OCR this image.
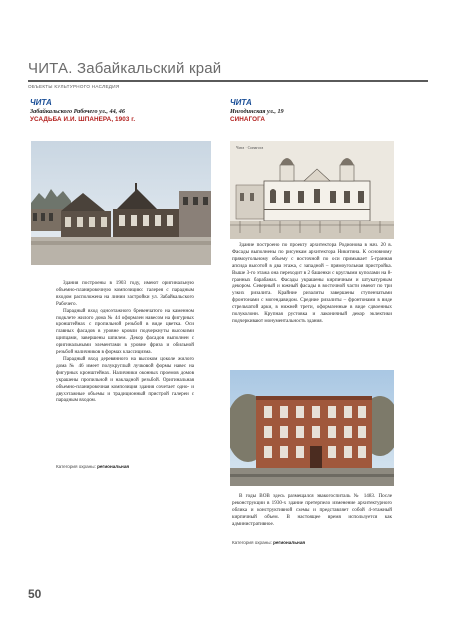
ЧИТА. Забайкальский край
ОБЪЕКТЫ КУЛЬТУРНОГО НАСЛЕДИЯ
ЧИТА
Забайкальского Рабочего ул., 44, 46
УСАДЬБА И.И. ШПАНЕРА, 1903 г.

Здания построены в 1903 году, имеют оригинальную объемно-планировочную композицию: галерея с парадным входом расположена на линии застройки ул. Забайкальского Рабочего.

Парадный вход одноэтажного бревенчатого на каменном подклете жилого дома № 44 оформлен навесом на фигурных кронштейнах с пропильной резьбой в виде цветка. Оси главных фасадов в уровне кровли подчеркнуты высокими щипцами, завершены шпилем. Декор фасадов выполнен с оригинальными элементами в уровне фриза и обильной резьбой наличников в формах классицизма.

Парадный вход деревянного на высоком цоколе жилого дома № 46 имеет полукруглый лучковой формы навес на фигурных кронштейнах. Наличники оконных проемов домов украшены пропильной и накладной резьбой. Оригинальная объемно-планировочная композиция здания сочетает одно- и двухэтажные объемы и традиционный пристрой галереи с парадным входом.

Категория охраны: региональная
ЧИТА
Ингодинская ул., 19
СИНАГОГА
Чита · Синагога

Здание построено по проекту архитектора Родионова в нач. 20 в. Фасады выполнены по рисункам архитектора Никитина. К основному прямоугольному объему с восточной по оси примыкает 5-гранная апсида высотой в два этажа, с западной – прямоугольная пристройка. Выше 3-го этажа она переходит в 2 башенки с круглыми куполами на 8-гранных барабанах. Фасады украшены кирпичным и штукатурным декором. Северный и южный фасады в восточной части имеют по три узких ризалита. Крайние ризалиты завершены ступенчатыми фронтонами с могендавидом. Средние ризалиты – фронтонами в виде стрельчатой арки, в нижней трети, оформленные в виде сдвоенных полуколонн. Крупная рустовка и лаконичный декор эклектики подчеркивают монументальность здания.

В годы ВОВ здесь размещался эвакогоспиталь № 1483. После реконструкции в 1930-х здание претерпело изменение архитектурного облика и конструктивной схемы и представляет собой 4-этажный кирпичный объем. В настоящее время используется как административное.

Категория охраны: региональная
50
